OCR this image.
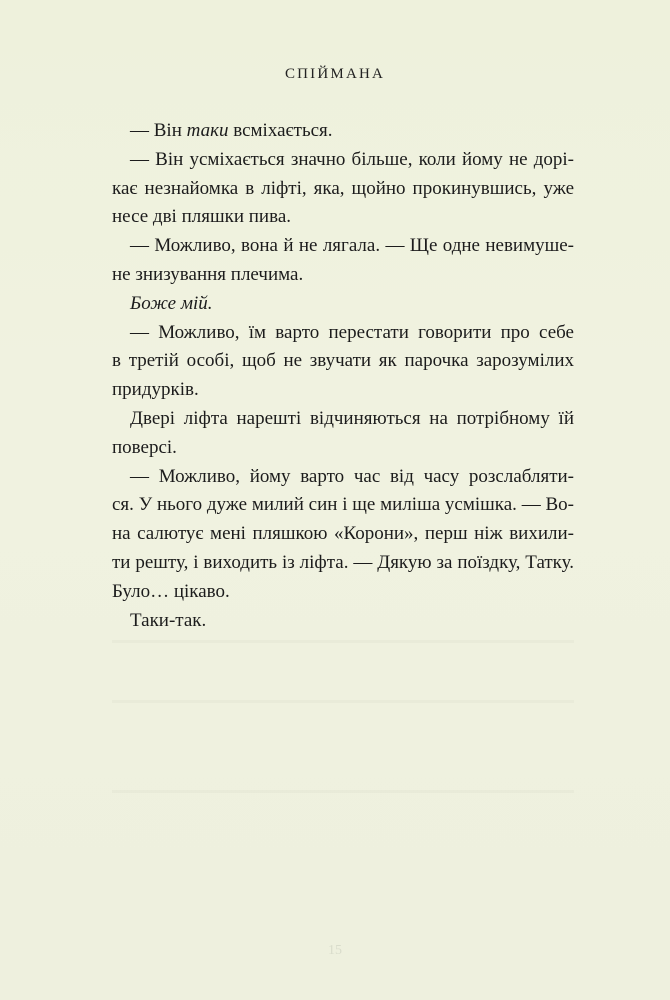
СПІЙМАНА
— Він таки всміхається.
— Він усміхається значно більше, коли йому не дорі-
кає незнайомка в ліфті, яка, щойно прокинувшись, уже
несе дві пляшки пива.
— Можливо, вона й не лягала. — Ще одне невимуше-
не знизування плечима.
Боже мій.
— Можливо, їм варто перестати говорити про себе
в третій особі, щоб не звучати як парочка зарозумілих
придурків.
Двері ліфта нарешті відчиняються на потрібному їй
поверсі.
— Можливо, йому варто час від часу розслабляти-
ся. У нього дуже милий син і ще миліша усмішка. — Во-
на салютує мені пляшкою «Корони», перш ніж вихили-
ти решту, і виходить із ліфта. — Дякую за поїздку, Татку.
Було… цікаво.
Таки-так.
15
